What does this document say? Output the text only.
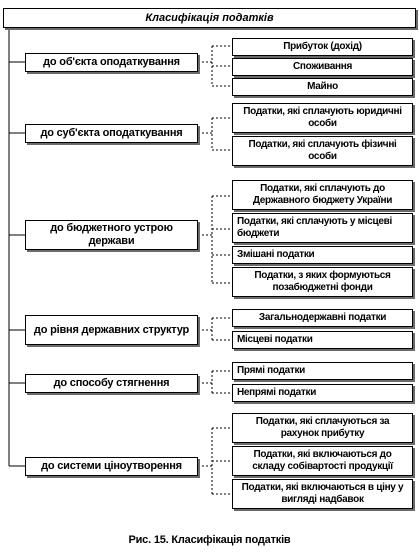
Класифікація податків
до об'єкта оподаткування
Прибуток (дохід)
Споживання
Майно
до суб'єкта оподаткування
Податки, які сплачують юридичні особи
Податки, які сплачують фізичні особи
до бюджетного устрою держави
Податки, які сплачують до Державного бюджету України
Податки, які сплачують у місцеві бюджети
Змішані податки
Податки, з яких формуються позабюджетні фонди
до рівня державних структур
Загальнодержавні податки
Місцеві податки
до способу стягнення
Прямі податки
Непрямі податки
до системи ціноутворення
Податки, які сплачуються за рахунок прибутку
Податки, які включаються до складу собівартості продукції
Податки, які включаються в ціну у вигляді надбавок
Рис. 15. Класифікація податків
